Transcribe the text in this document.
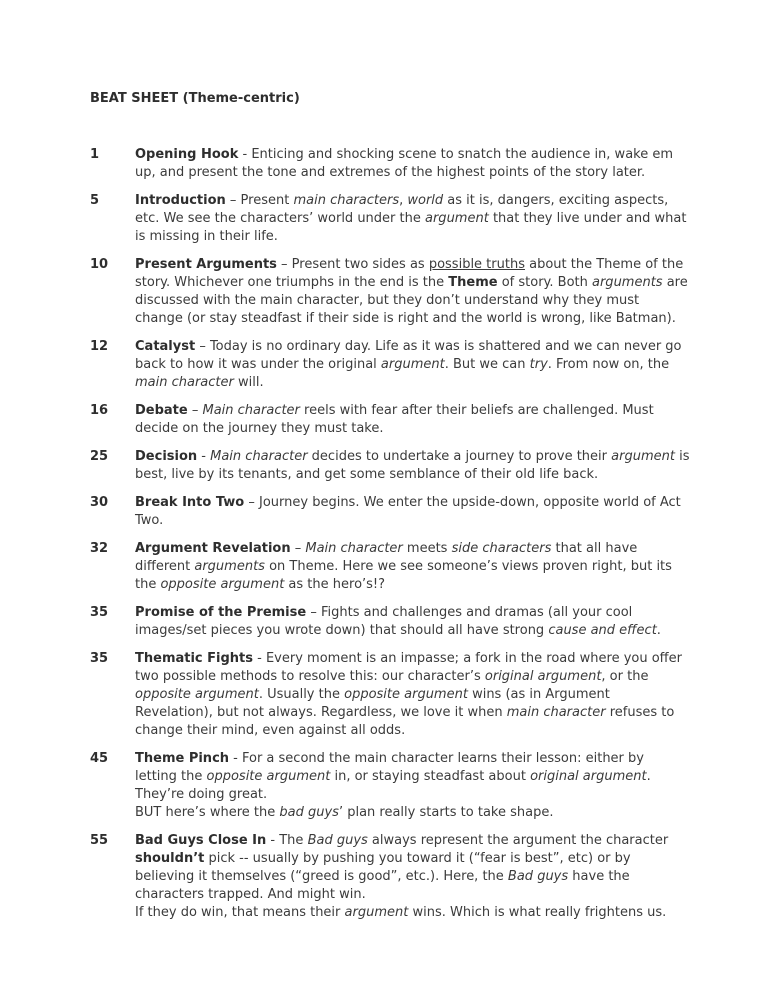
BEAT SHEET (Theme-centric)
1	Opening Hook - Enticing and shocking scene to snatch the audience in, wake em up, and present the tone and extremes of the highest points of the story later.
5	Introduction – Present main characters, world as it is, dangers, exciting aspects, etc. We see the characters’ world under the argument that they live under and what is missing in their life.
10	Present Arguments – Present two sides as possible truths about the Theme of the story. Whichever one triumphs in the end is the Theme of story. Both arguments are discussed with the main character, but they don’t understand why they must change (or stay steadfast if their side is right and the world is wrong, like Batman).
12	Catalyst – Today is no ordinary day. Life as it was is shattered and we can never go back to how it was under the original argument. But we can try. From now on, the main character will.
16	Debate – Main character reels with fear after their beliefs are challenged. Must decide on the journey they must take.
25	Decision - Main character decides to undertake a journey to prove their argument is best, live by its tenants, and get some semblance of their old life back.
30	Break Into Two – Journey begins. We enter the upside-down, opposite world of Act Two.
32	Argument Revelation – Main character meets side characters that all have different arguments on Theme. Here we see someone’s views proven right, but its the opposite argument as the hero’s!?
35	Promise of the Premise – Fights and challenges and dramas (all your cool images/set pieces you wrote down) that should all have strong cause and effect.
35	Thematic Fights - Every moment is an impasse; a fork in the road where you offer two possible methods to resolve this: our character’s original argument, or the opposite argument. Usually the opposite argument wins (as in Argument Revelation), but not always. Regardless, we love it when main character refuses to change their mind, even against all odds.
45	Theme Pinch - For a second the main character learns their lesson: either by letting the opposite argument in, or staying steadfast about original argument. They’re doing great.
BUT here’s where the bad guys’ plan really starts to take shape.
55	Bad Guys Close In - The Bad guys always represent the argument the character shouldn’t pick -- usually by pushing you toward it (“fear is best”, etc) or by believing it themselves (“greed is good”, etc.). Here, the Bad guys have the characters trapped. And might win.
If they do win, that means their argument wins. Which is what really frightens us.
